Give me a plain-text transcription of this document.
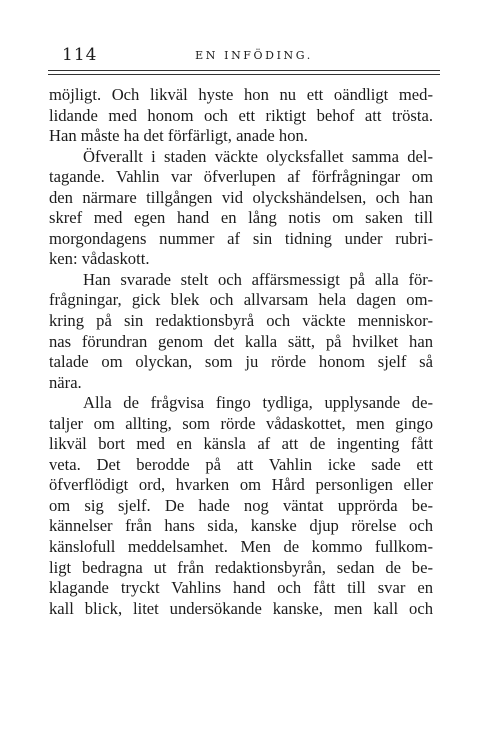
114	EN INFÖDING.
möjligt. Och likväl hyste hon nu ett oändligt med-
lidande med honom och ett riktigt behof att trösta.
Han måste ha det förfärligt, anade hon.
Öfverallt i staden väckte olycksfallet samma del-
tagande. Vahlin var öfverlupen af förfrågningar om
den närmare tillgången vid olyckshändelsen, och han
skref med egen hand en lång notis om saken till
morgondagens nummer af sin tidning under rubri-
ken: vådaskott.
Han svarade stelt och affärsmessigt på alla för-
frågningar, gick blek och allvarsam hela dagen om-
kring på sin redaktionsbyrå och väckte menniskor-
nas förundran genom det kalla sätt, på hvilket han
talade om olyckan, som ju rörde honom sjelf så
nära.
Alla de frågvisa fingo tydliga, upplysande de-
taljer om allting, som rörde vådaskottet, men gingo
likväl bort med en känsla af att de ingenting fått
veta. Det berodde på att Vahlin icke sade ett
öfverflödigt ord, hvarken om Hård personligen eller
om sig sjelf. De hade nog väntat upprörda be-
kännelser från hans sida, kanske djup rörelse och
känslofull meddelsamhet. Men de kommo fullkom-
ligt bedragna ut från redaktionsbyrån, sedan de be-
klagande tryckt Vahlins hand och fått till svar en
kall blick, litet undersökande kanske, men kall och
